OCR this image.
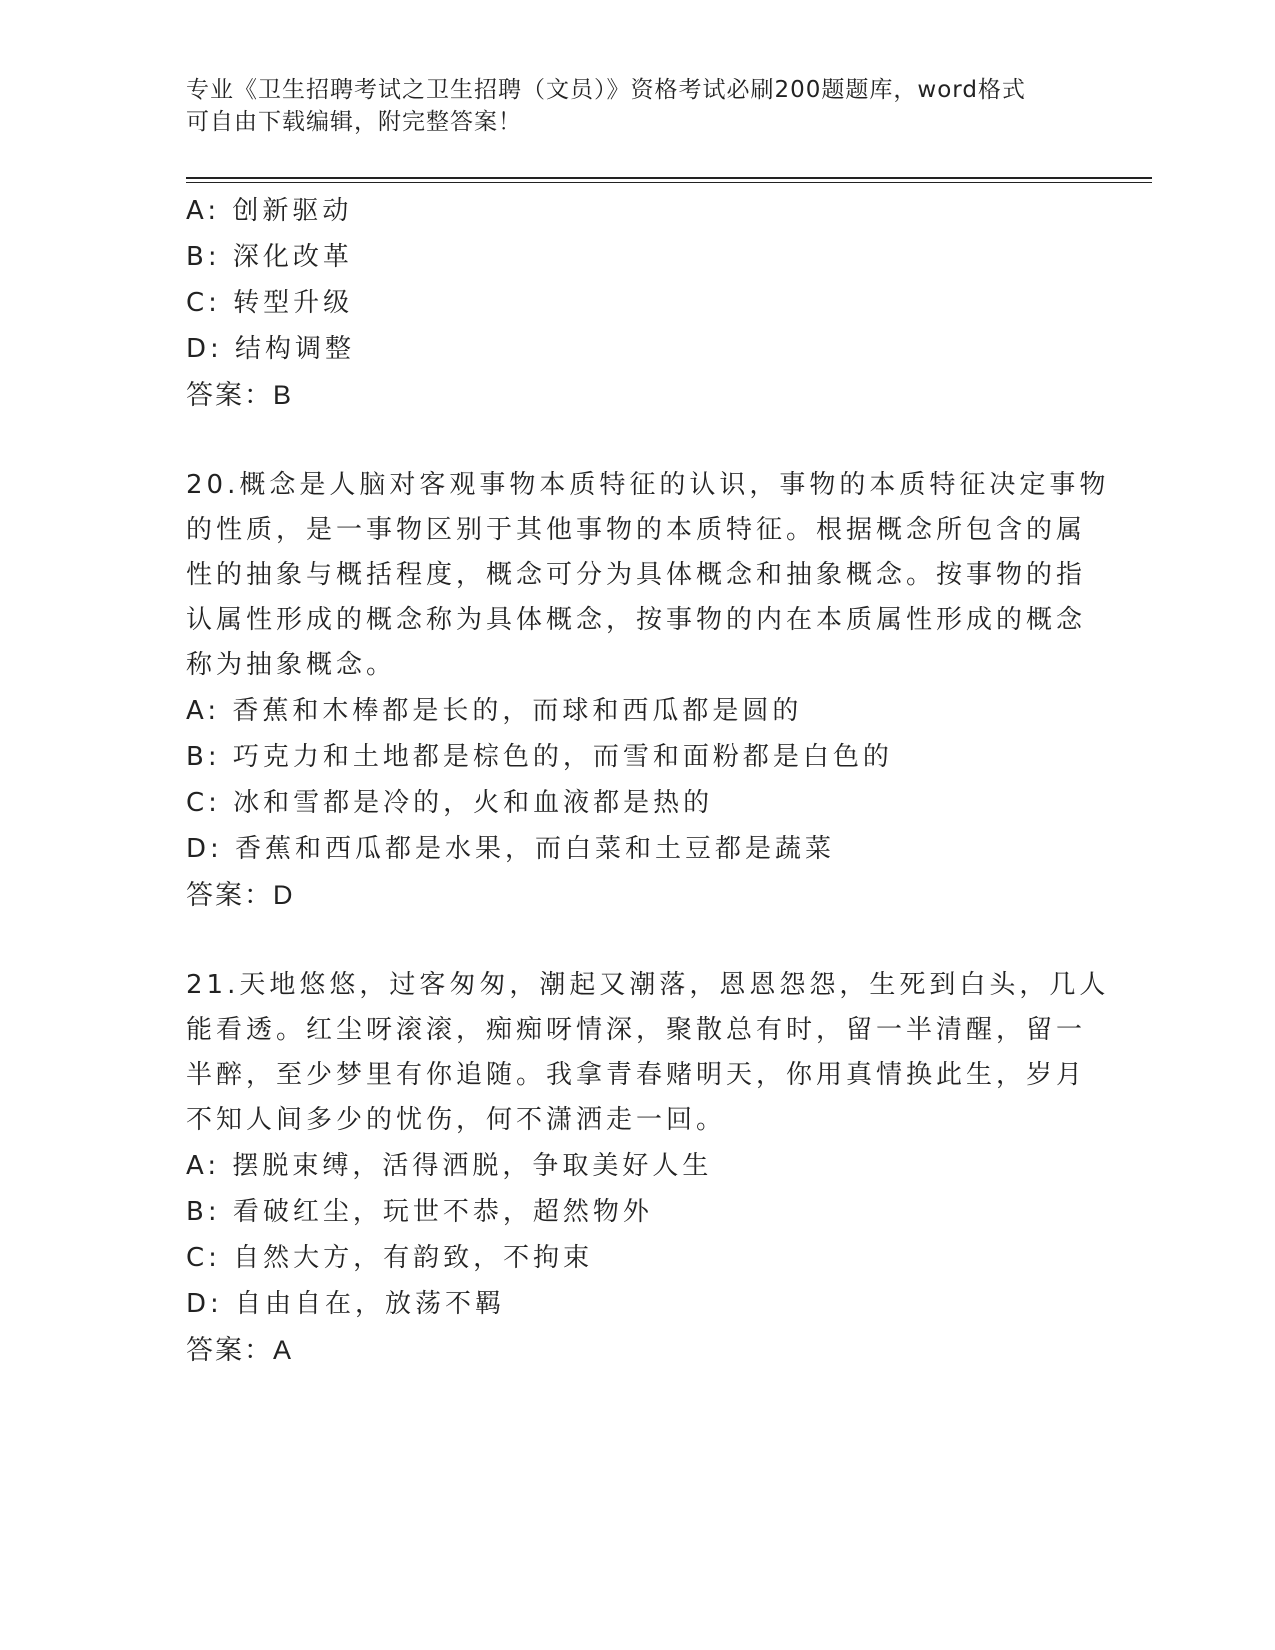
专业《卫生招聘考试之卫生招聘（文员）》资格考试必刷200题题库，word格式
可自由下载编辑，附完整答案！
A: 创新驱动
B: 深化改革
C: 转型升级
D: 结构调整
答案：B
20.概念是人脑对客观事物本质特征的认识，事物的本质特征决定事物
的性质，是一事物区别于其他事物的本质特征。根据概念所包含的属
性的抽象与概括程度，概念可分为具体概念和抽象概念。按事物的指
认属性形成的概念称为具体概念，按事物的内在本质属性形成的概念
称为抽象概念。
A: 香蕉和木棒都是长的，而球和西瓜都是圆的
B: 巧克力和土地都是棕色的，而雪和面粉都是白色的
C: 冰和雪都是冷的，火和血液都是热的
D: 香蕉和西瓜都是水果，而白菜和土豆都是蔬菜
答案：D
21.天地悠悠，过客匆匆，潮起又潮落，恩恩怨怨，生死到白头，几人
能看透。红尘呀滚滚，痴痴呀情深，聚散总有时，留一半清醒，留一
半醉，至少梦里有你追随。我拿青春赌明天，你用真情换此生，岁月
不知人间多少的忧伤，何不潇洒走一回。
A: 摆脱束缚，活得洒脱，争取美好人生
B: 看破红尘，玩世不恭，超然物外
C: 自然大方，有韵致，不拘束
D: 自由自在，放荡不羁
答案：A
